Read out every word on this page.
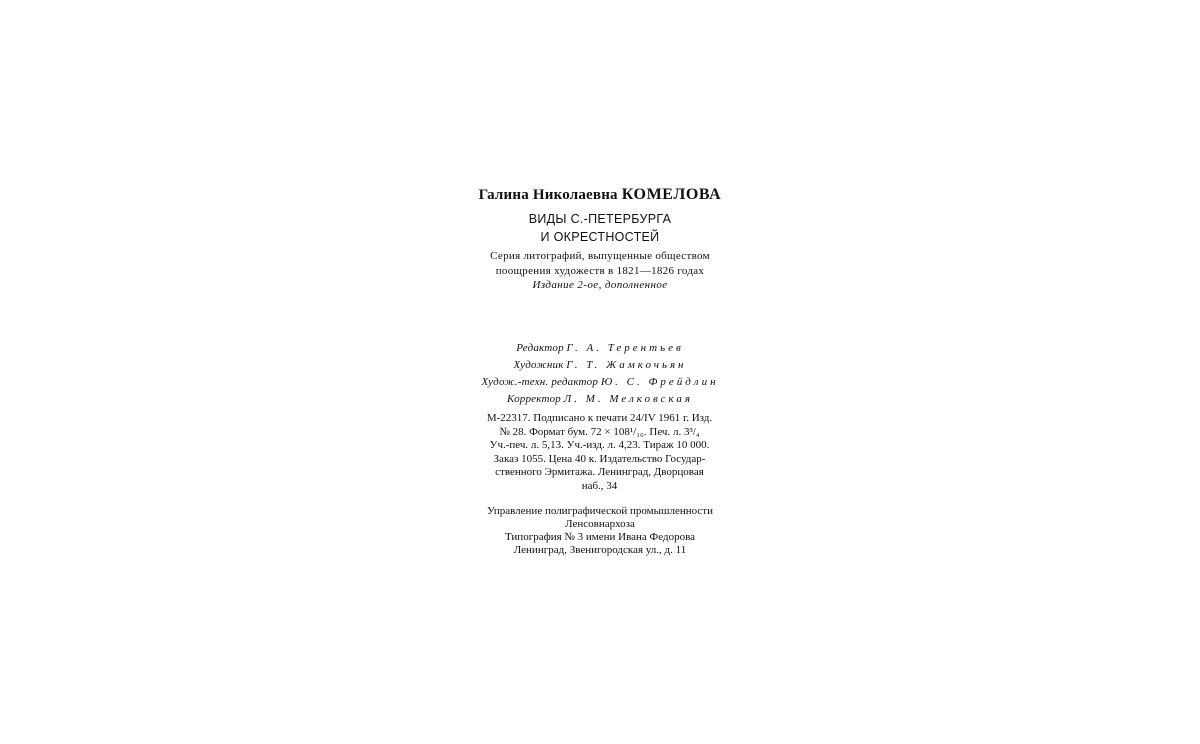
Галина Николаевна КОМЕЛОВА
ВИДЫ С.-ПЕТЕРБУРГА
И ОКРЕСТНОСТЕЙ
Серия литографий, выпущенные обществом
поощрения художеств в 1821—1826 годах
Издание 2-ое, дополненное
Редактор Г. А. Терентьев
Художник Г. Т. Жамкочьян
Худож.-техн. редактор Ю. С. Фрейдлин
Корректор Л. М. Мелковская
М-22317. Подписано к печати 24/IV 1961 г. Изд.
№ 28. Формат бум. 72 × 108¹/₁₆. Печ. л. 3³/₄
Уч.-печ. л. 5,13. Уч.-изд. л. 4,23. Тираж 10 000.
Заказ 1055. Цена 40 к. Издательство Государ-
ственного Эрмитажа. Ленинград, Дворцовая
наб., 34
Управление полиграфической промышленности
Ленсовнархоза
Типография № 3 имени Ивана Федорова
Ленинград, Звенигородская ул., д. 11
